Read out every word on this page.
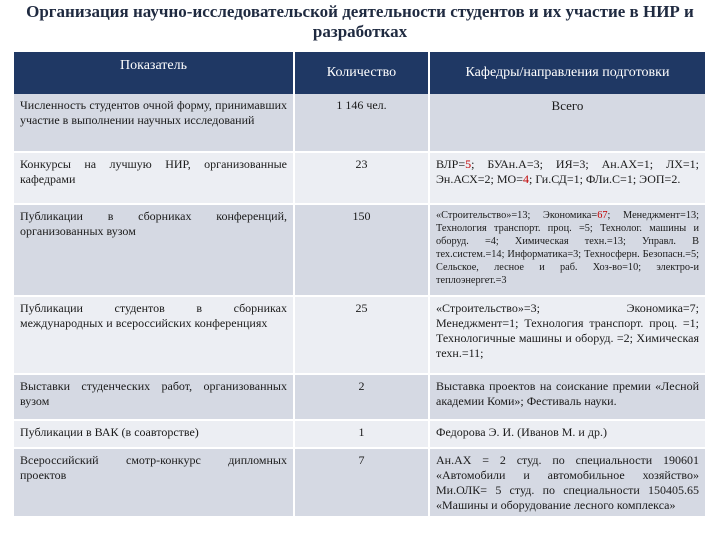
Организация научно-исследовательской деятельности студентов и их участие в НИР и разработках
Показатель	Количество	Кафедры/направления подготовки
Численность студентов очной форму, принимавших участие в выполнении научных исследований	1 146 чел.	Всего

Конкурсы на лучшую НИР, организованные кафедрами	23	ВЛР=5; БУАн.А=3; ИЯ=3; Ан.АХ=1; ЛХ=1; Эн.АСХ=2; МО=4; Ги.СД=1; ФЛи.С=1; ЭОП=2.
Публикации в сборниках конференций, организованных вузом	150	«Строительство»=13; Экономика=67; Менеджмент=13; Технология транспорт. проц. =5; Технолог. машины и оборуд. =4; Химическая техн.=13; Управл. В тех.систем.=14; Информатика=3; Техносферн. Безопасн.=5; Сельское, лесное и раб. Хоз-во=10; электро-и теплоэнергет.=3
Публикации студентов в сборниках международных и всероссийских конференциях	25	«Строительство»=3; Экономика=7; Менеджмент=1; Технология транспорт. проц. =1; Технологичные машины и оборуд. =2; Химическая техн.=11;
Выставки студенческих работ, организованных вузом	2	Выставка проектов на соискание премии «Лесной академии Коми»; Фестиваль науки.
Публикации в ВАК (в соавторстве)	1	Федорова Э. И. (Иванов М. и др.)
Всероссийский смотр-конкурс дипломных проектов	7	Ан.АХ = 2 студ. по специальности 190601 «Автомобили и автомобильное хозяйство» Ми.ОЛК= 5 студ. по специальности 150405.65 «Машины и оборудование лесного комплекса»
